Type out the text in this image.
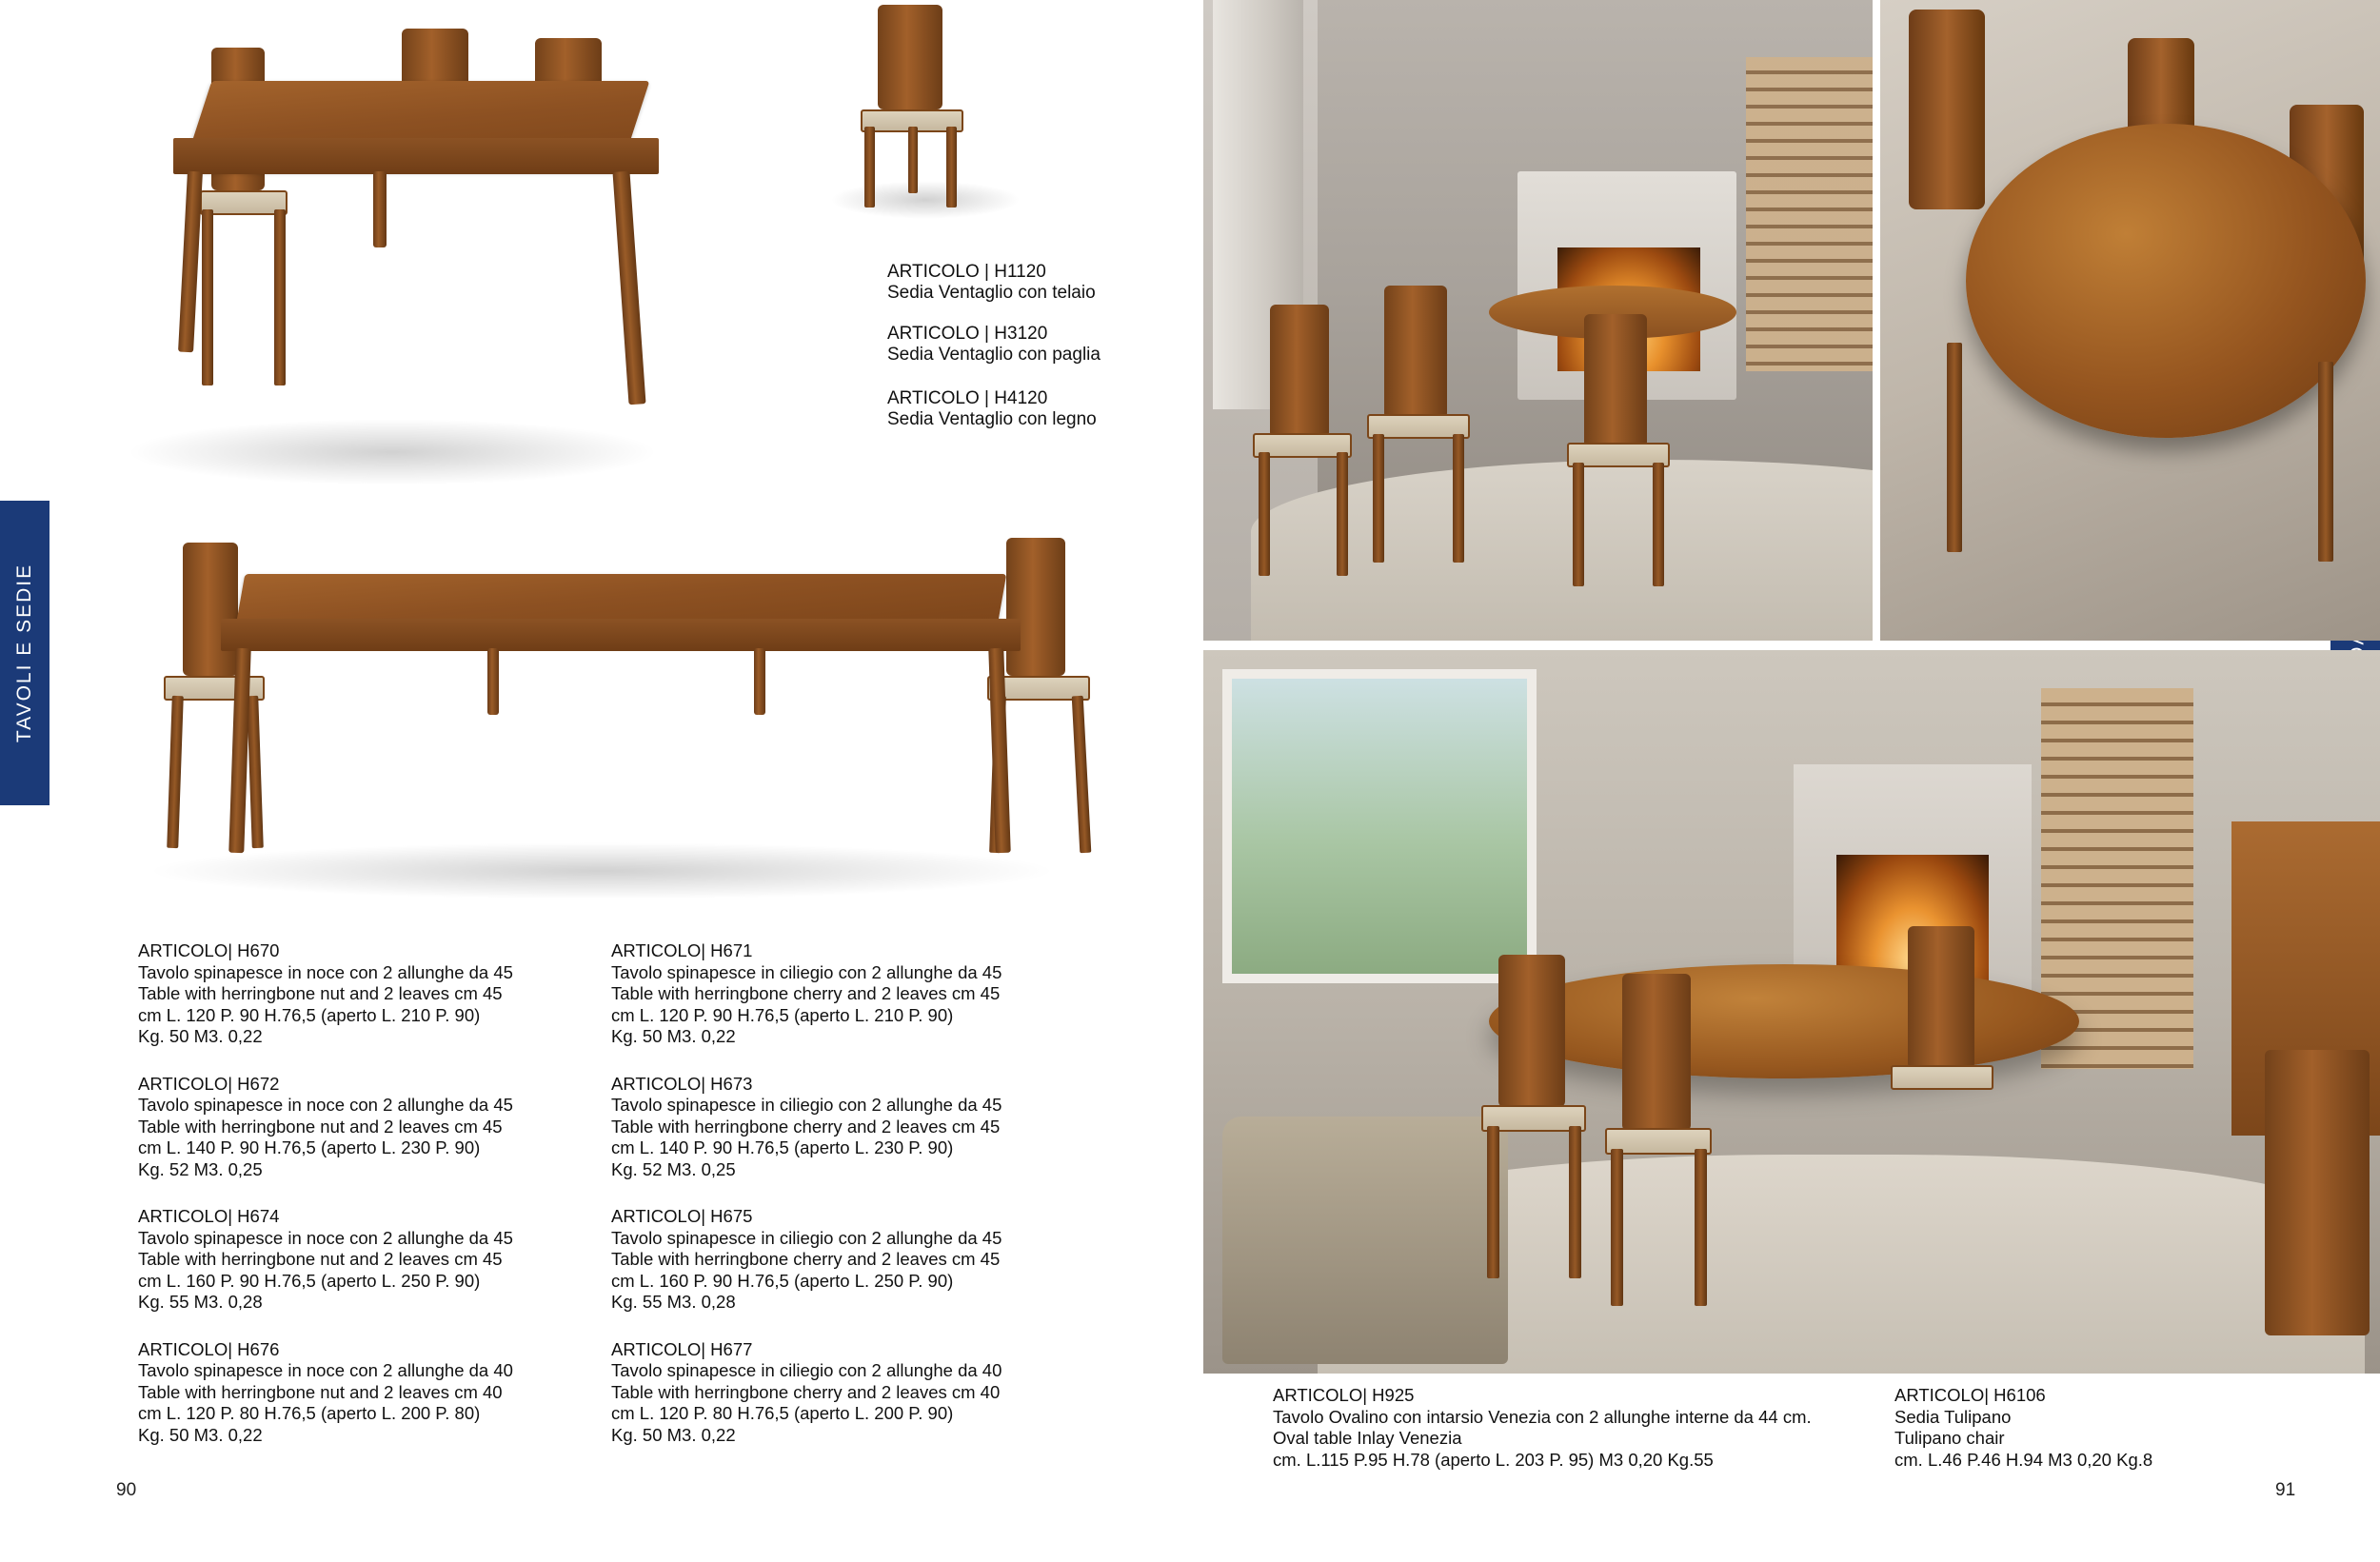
TAVOLI E SEDIE
ARTICOLO | H1120
Sedia Ventaglio con telaio
ARTICOLO | H3120
Sedia Ventaglio con paglia
ARTICOLO | H4120
Sedia Ventaglio con legno
ARTICOLO| H670
Tavolo spinapesce in noce con 2 allunghe da 45
Table with herringbone nut and 2 leaves cm 45
cm L. 120 P. 90 H.76,5 (aperto L. 210 P. 90)
Kg. 50 M3. 0,22
ARTICOLO| H672
Tavolo spinapesce in noce con 2 allunghe da 45
Table with herringbone nut and 2 leaves cm 45
cm L. 140 P. 90 H.76,5 (aperto L. 230 P. 90)
Kg. 52 M3. 0,25
ARTICOLO| H674
Tavolo spinapesce in noce con 2 allunghe da 45
Table with herringbone nut and 2 leaves cm 45
cm L. 160 P. 90 H.76,5 (aperto L. 250 P. 90)
Kg. 55 M3. 0,28
ARTICOLO| H676
Tavolo spinapesce in noce con 2 allunghe da 40
Table with herringbone nut and 2 leaves cm 40
cm L. 120 P. 80 H.76,5 (aperto L. 200 P. 80)
Kg. 50 M3. 0,22
ARTICOLO| H671
Tavolo spinapesce in ciliegio con 2 allunghe da 45
Table with herringbone cherry and 2 leaves cm 45
cm L. 120 P. 90 H.76,5 (aperto L. 210 P. 90)
Kg. 50 M3. 0,22
ARTICOLO| H673
Tavolo spinapesce in ciliegio con 2 allunghe da 45
Table with herringbone cherry and 2 leaves cm 45
cm L. 140 P. 90 H.76,5 (aperto L. 230 P. 90)
Kg. 52 M3. 0,25
ARTICOLO| H675
Tavolo spinapesce in ciliegio con 2 allunghe da 45
Table with herringbone cherry and 2 leaves cm 45
cm L. 160 P. 90 H.76,5 (aperto L. 250 P. 90)
Kg. 55 M3. 0,28
ARTICOLO| H677
Tavolo spinapesce in ciliegio con 2 allunghe da 40
Table with herringbone cherry and 2 leaves cm 40
cm L. 120 P. 80 H.76,5 (aperto L. 200 P. 90)
Kg. 50 M3. 0,22
90
ARTICOLO| H925
Tavolo Ovalino con intarsio Venezia con 2 allunghe interne da 44 cm.
Oval table Inlay Venezia
cm. L.115 P.95 H.78 (aperto L. 203 P. 95) M3 0,20 Kg.55
ARTICOLO| H6106
Sedia Tulipano
Tulipano chair
cm. L.46 P.46 H.94 M3 0,20 Kg.8
91
